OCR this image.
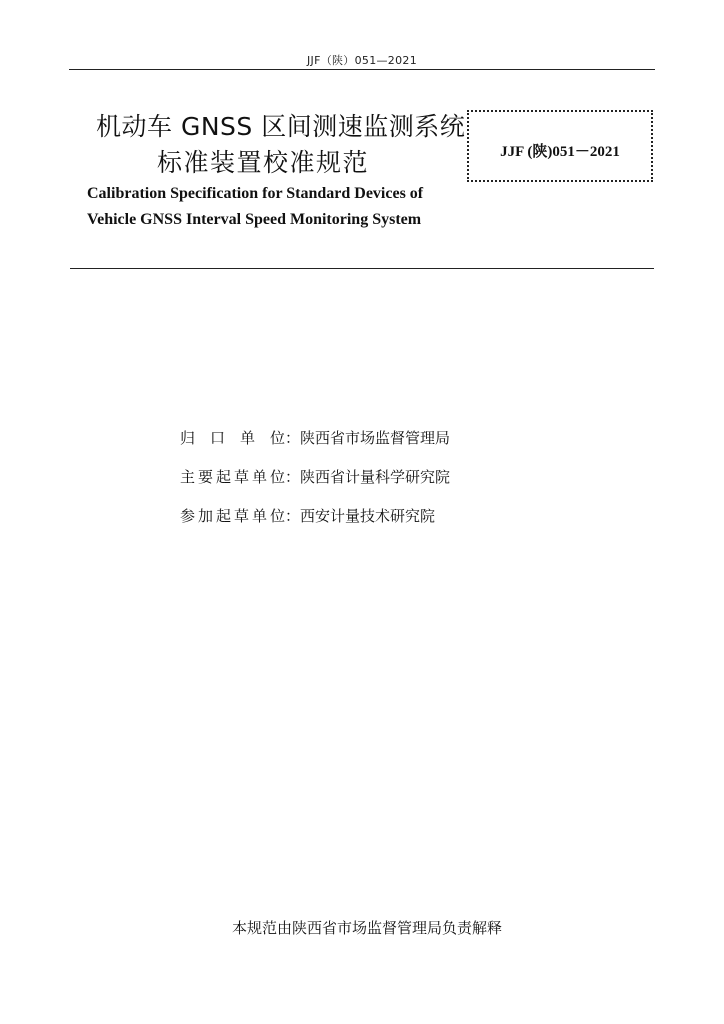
JJF（陕）051—2021
机动车 GNSS 区间测速监测系统
标准装置校准规范
Calibration Specification for Standard Devices of
Vehicle GNSS Interval Speed Monitoring System
JJF (陕)051－2021
归口单位 ： 陕西省市场监督管理局
主要起草单位 ： 陕西省计量科学研究院
参加起草单位 ： 西安计量技术研究院
本规范由陕西省市场监督管理局负责解释
